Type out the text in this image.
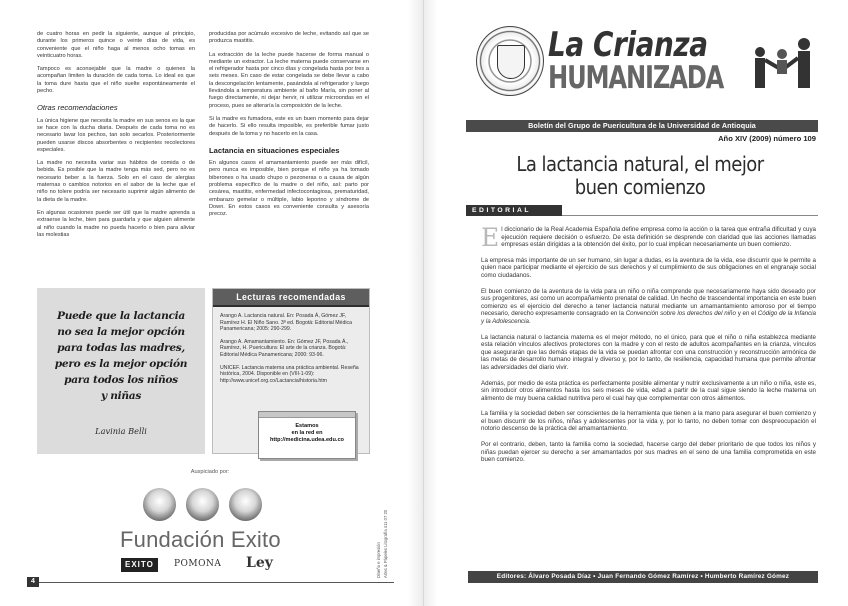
de cuatro horas en pedir la siguiente, aunque al principio, durante los primeros quince o veinte días de vida, es conveniente que el niño haga al menos ocho tomas en veinticuatro horas.

Tampoco es aconsejable que la madre o quienes la acompañan limiten la duración de cada toma. Lo ideal es que la toma dure hasta que el niño suelte espontáneamente el pecho.

Otras recomendaciones

La única higiene que necesita la madre en sus senos es la que se hace con la ducha diaria. Después de cada toma no es necesario lavar los pechos, tan solo secarlos. Posteriormente pueden usarse discos absorbentes o recipientes recolectores especiales.

La madre no necesita variar sus hábitos de comida o de bebida. Es posible que la madre tenga más sed, pero no es necesario beber a la fuerza. Solo en el caso de alergias maternas o cambios notorios en el sabor de la leche que el niño no tolere podría ser necesario suprimir algún alimento de la dieta de la madre.

En algunas ocasiones puede ser útil que la madre aprenda a extraerse la leche, bien para guardarla y que alguien alimente al niño cuando la madre no pueda hacerlo o bien para aliviar las molestias

producidas por acúmulo excesivo de leche, evitando así que se produzca mastitis.

La extracción de la leche puede hacerse de forma manual o mediante un extractor. La leche materna puede conservarse en el refrigerador hasta por cinco días y congelada hasta por tres a seis meses. En caso de estar congelada se debe llevar a cabo la descongelación lentamente, pasándola al refrigerador y luego llevándola a temperatura ambiente al baño María, sin poner al fuego directamente, ni dejar hervir, ni utilizar microondas en el proceso, pues se alteraría la composición de la leche.

Si la madre es fumadora, este es un buen momento para dejar de hacerlo. Si ello resulta imposible, es preferible fumar justo después de la toma y no hacerlo en la casa.

Lactancia en situaciones especiales

En algunos casos el amamantamiento puede ser más difícil, pero nunca es imposible, bien porque el niño ya ha tomado biberones o ha usado chupo o pezoneras o a causa de algún problema específico de la madre o del niño, así: parto por cesárea, mastitis, enfermedad infectocontagiosa, prematuridad, embarazo gemelar o múltiple, labio leporino y síndrome de Down. En estos casos es conveniente consulta y asesoría precoz.

Puede que la lactancia
no sea la mejor opción
para todas las madres,
pero es la mejor opción
para todos los niños
y niñas
Lavinia Belli
Lecturas recomendadas

Arango A. Lactancia natural. En: Posada Á, Gómez JF, Ramírez H. El Niño Sano. 3ª ed. Bogotá: Editorial Médica Panamericana; 2005: 290-299.

Arango A. Amamantamiento. En: Gómez JF, Posada Á., Ramírez, H. Puericultura: El arte de la crianza. Bogotá: Editorial Médica Panamericana; 2000: 93-96.

UNICEF. Lactancia materna una práctica ambiental. Reseña histórica, 2004. Disponible en (VIII-1-09): http://www.unicef.org.co/Lactancia/historia.htm

Estamos
en la red en
http://medicina.udea.edu.co
Auspiciado por:
Fundación Exito
EXITO	POMONA Ley	Diseño e impresión Artes & Pápeles Litografía 411 07 20
4
La Crianza
HUMANIZADA
Boletín del Grupo de Puericultura de la Universidad de Antioquia
Año XIV (2009) número 109
La lactancia natural, el mejor
buen comienzo
EDITORIAL

El diccionario de la Real Academia Española define empresa como la acción o la tarea que entraña dificultad y cuya ejecución requiere decisión o esfuerzo. De esta definición se desprende con claridad que las acciones llamadas empresas están dirigidas a la obtención del éxito, por lo cual implican necesariamente un buen comienzo.

La empresa más importante de un ser humano, sin lugar a dudas, es la aventura de la vida, ese discurrir que le permite a quien nace participar mediante el ejercicio de sus derechos y el cumplimiento de sus obligaciones en el engranaje social como ciudadanos.

El buen comienzo de la aventura de la vida para un niño o niña comprende que necesariamente haya sido deseado por sus progenitores, así como un acompañamiento prenatal de calidad. Un hecho de trascendental importancia en este buen comienzo es el ejercicio del derecho a tener lactancia natural mediante un amamantamiento amoroso por el tiempo necesario, derecho expresamente consagrado en la Convención sobre los derechos del niño y en el Código de la Infancia y la Adolescencia.

La lactancia natural o lactancia materna es el mejor método, no el único, para que el niño o niña establezca mediante esta relación vínculos afectivos protectores con la madre y con el resto de adultos acompañantes en la crianza, vínculos que asegurarán que las demás etapas de la vida se puedan afrontar con una construcción y reconstrucción armónica de las metas de desarrollo humano integral y diverso y, por lo tanto, de resiliencia, capacidad humana que permite afrontar las adversidades del diario vivir.

Además, por medio de esta práctica es perfectamente posible alimentar y nutrir exclusivamente a un niño o niña, este es, sin introducir otros alimentos hasta los seis meses de vida, edad a partir de la cual sigue siendo la leche materna un alimento de muy buena calidad nutritiva pero el cual hay que complementar con otros alimentos.

La familia y la sociedad deben ser conscientes de la herramienta que tienen a la mano para asegurar el buen comienzo y el buen discurrir de los niños, niñas y adolescentes por la vida y, por lo tanto, no deben tomar con despreocupación el notorio descenso de la práctica del amamantamiento.

Por el contrario, deben, tanto la familia como la sociedad, hacerse cargo del deber prioritario de que todos los niños y niñas puedan ejercer su derecho a ser amamantados por sus madres en el seno de una familia comprometida en este buen comienzo.

Editores: Álvaro Posada Díaz • Juan Fernando Gómez Ramírez • Humberto Ramírez Gómez
